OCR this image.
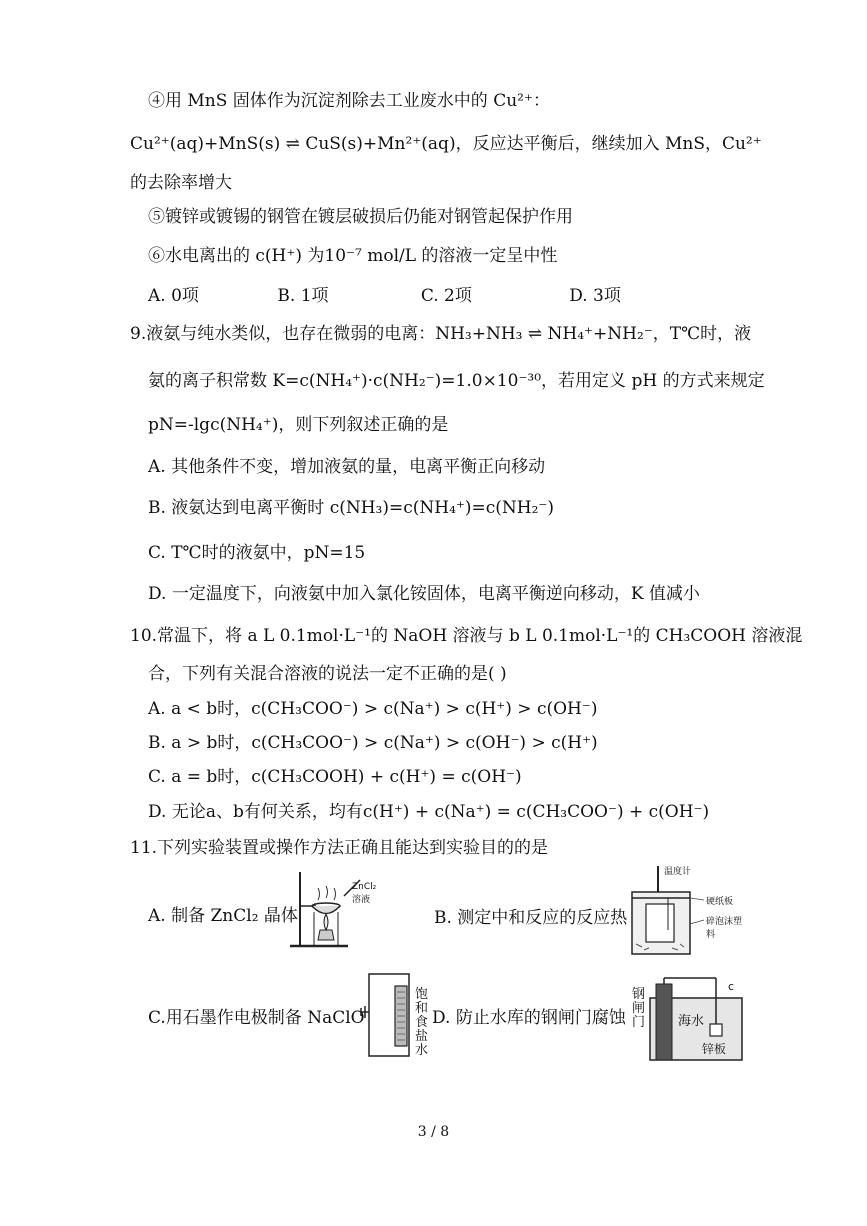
④用 MnS 固体作为沉淀剂除去工业废水中的 Cu²⁺：
Cu²⁺(aq)+MnS(s) ⇌ CuS(s)+Mn²⁺(aq)，反应达平衡后，继续加入 MnS，Cu²⁺
的去除率增大
⑤镀锌或镀锡的钢管在镀层破损后仍能对钢管起保护作用
⑥水电离出的 c(H⁺) 为10⁻⁷ mol/L 的溶液一定呈中性
A. 0项	B. 1项	C. 2项	D. 3项
9.液氨与纯水类似，也存在微弱的电离：NH₃+NH₃ ⇌ NH₄⁺+NH₂⁻，T℃时，液
氨的离子积常数 K=c(NH₄⁺)·c(NH₂⁻)=1.0×10⁻³⁰，若用定义 pH 的方式来规定
pN=-lgc(NH₄⁺)，则下列叙述正确的是
A. 其他条件不变，增加液氨的量，电离平衡正向移动
B. 液氨达到电离平衡时 c(NH₃)=c(NH₄⁺)=c(NH₂⁻)
C. T℃时的液氨中，pN=15
D. 一定温度下，向液氨中加入氯化铵固体，电离平衡逆向移动，K 值减小
10.常温下，将 a L 0.1mol·L⁻¹的 NaOH 溶液与 b L 0.1mol·L⁻¹的 CH₃COOH 溶液混
合，下列有关混合溶液的说法一定不正确的是( )
A. a < b时，c(CH₃COO⁻) > c(Na⁺) > c(H⁺) > c(OH⁻)
B. a > b时，c(CH₃COO⁻) > c(Na⁺) > c(OH⁻) > c(H⁺)
C. a = b时，c(CH₃COOH) + c(H⁺) = c(OH⁻)
D. 无论a、b有何关系，均有c(H⁺) + c(Na⁺) = c(CH₃COO⁻) + c(OH⁻)
11.下列实验装置或操作方法正确且能达到实验目的的是
A. 制备 ZnCl₂ 晶体	B. 测定中和反应的反应热
C.用石墨作电极制备 NaClO	D. 防止水库的钢闸门腐蚀
ZnCl₂ 溶液
温度计
硬纸板
碎泡沫塑料
饱和食盐水
钢闸门	海水
锌板
c
3 / 8
